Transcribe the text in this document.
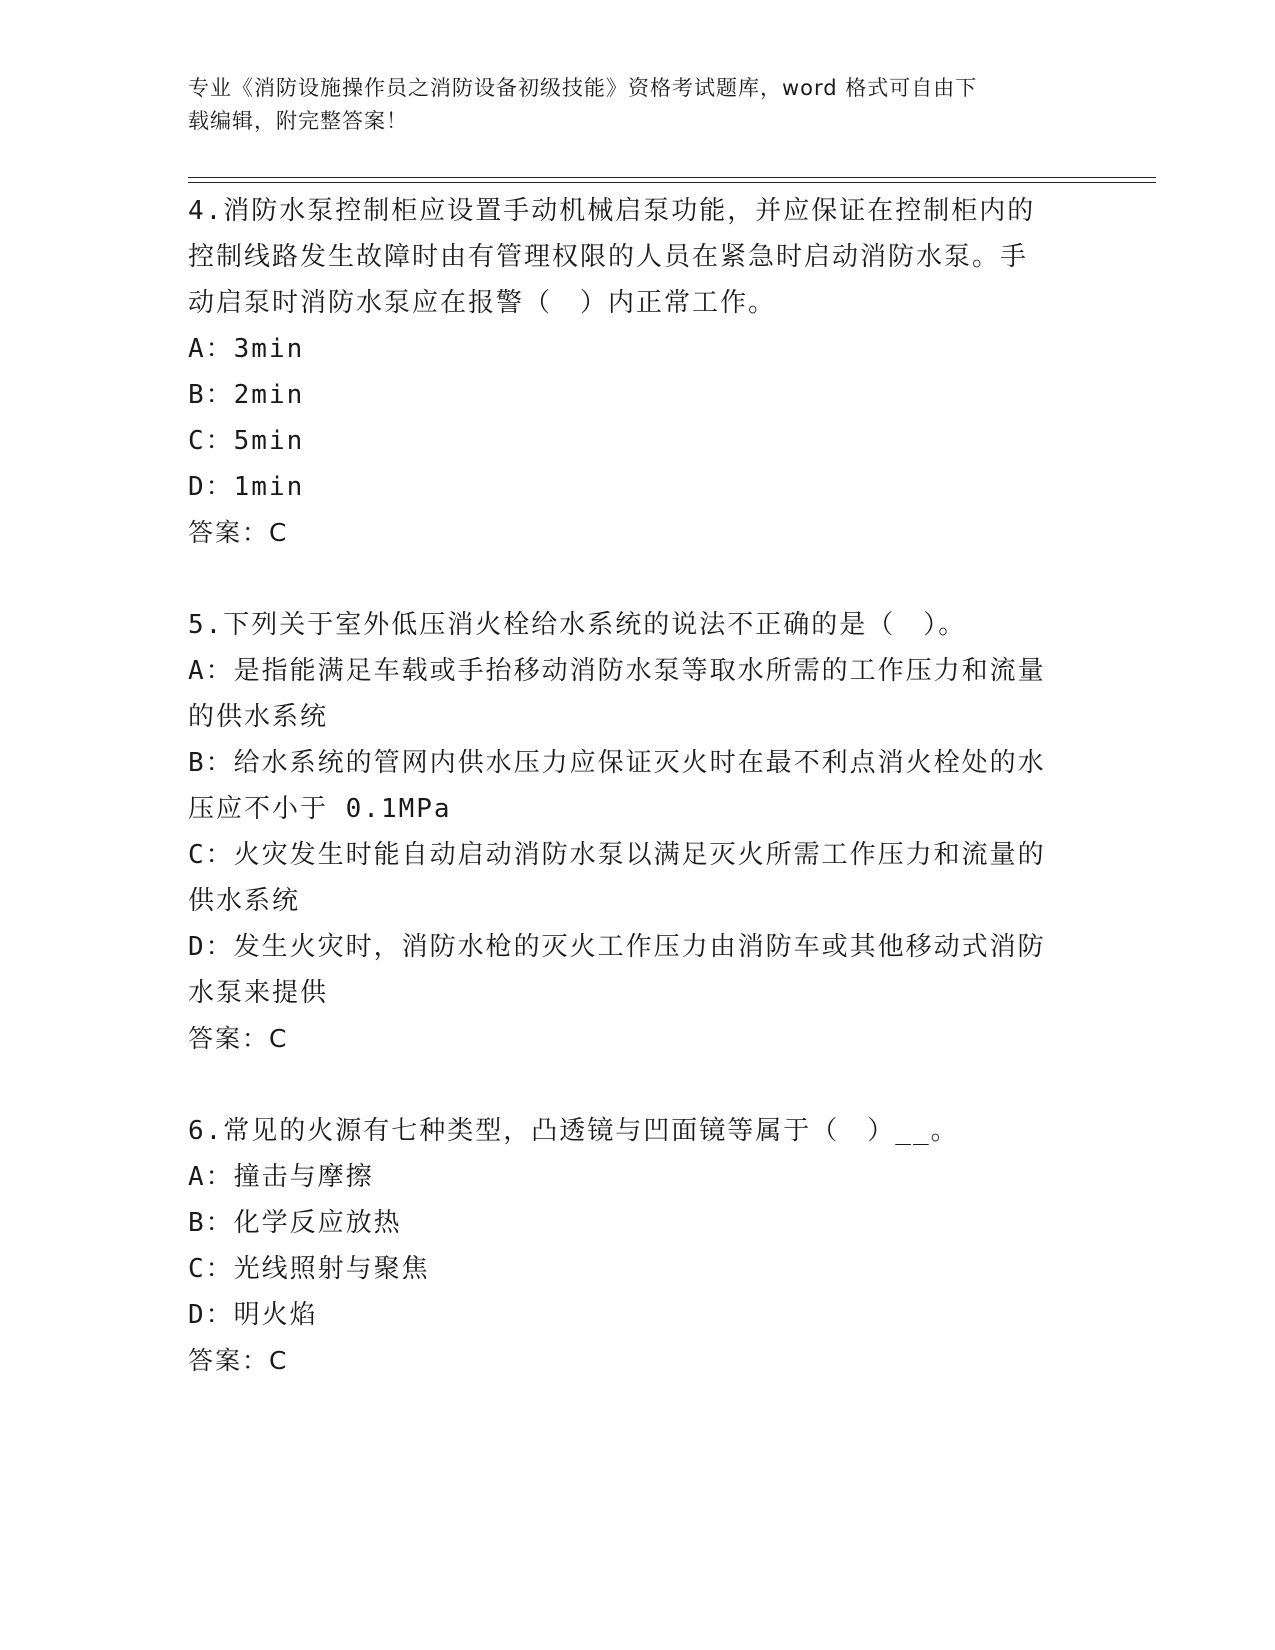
专业《消防设施操作员之消防设备初级技能》资格考试题库，word 格式可自由下
载编辑，附完整答案！

4.消防水泵控制柜应设置手动机械启泵功能，并应保证在控制柜内的

控制线路发生故障时由有管理权限的人员在紧急时启动消防水泵。手

动启泵时消防水泵应在报警（　）内正常工作。

A：3min

B：2min

C：5min

D：1min

答案：C

5.下列关于室外低压消火栓给水系统的说法不正确的是（　）。

A：是指能满足车载或手抬移动消防水泵等取水所需的工作压力和流量

的供水系统

B：给水系统的管网内供水压力应保证灭火时在最不利点消火栓处的水

压应不小于 0.1MPa

C：火灾发生时能自动启动消防水泵以满足灭火所需工作压力和流量的

供水系统

D：发生火灾时，消防水枪的灭火工作压力由消防车或其他移动式消防

水泵来提供

答案：C

6.常见的火源有七种类型，凸透镜与凹面镜等属于（　）__。

A：撞击与摩擦

B：化学反应放热

C：光线照射与聚焦

D：明火焰

答案：C
